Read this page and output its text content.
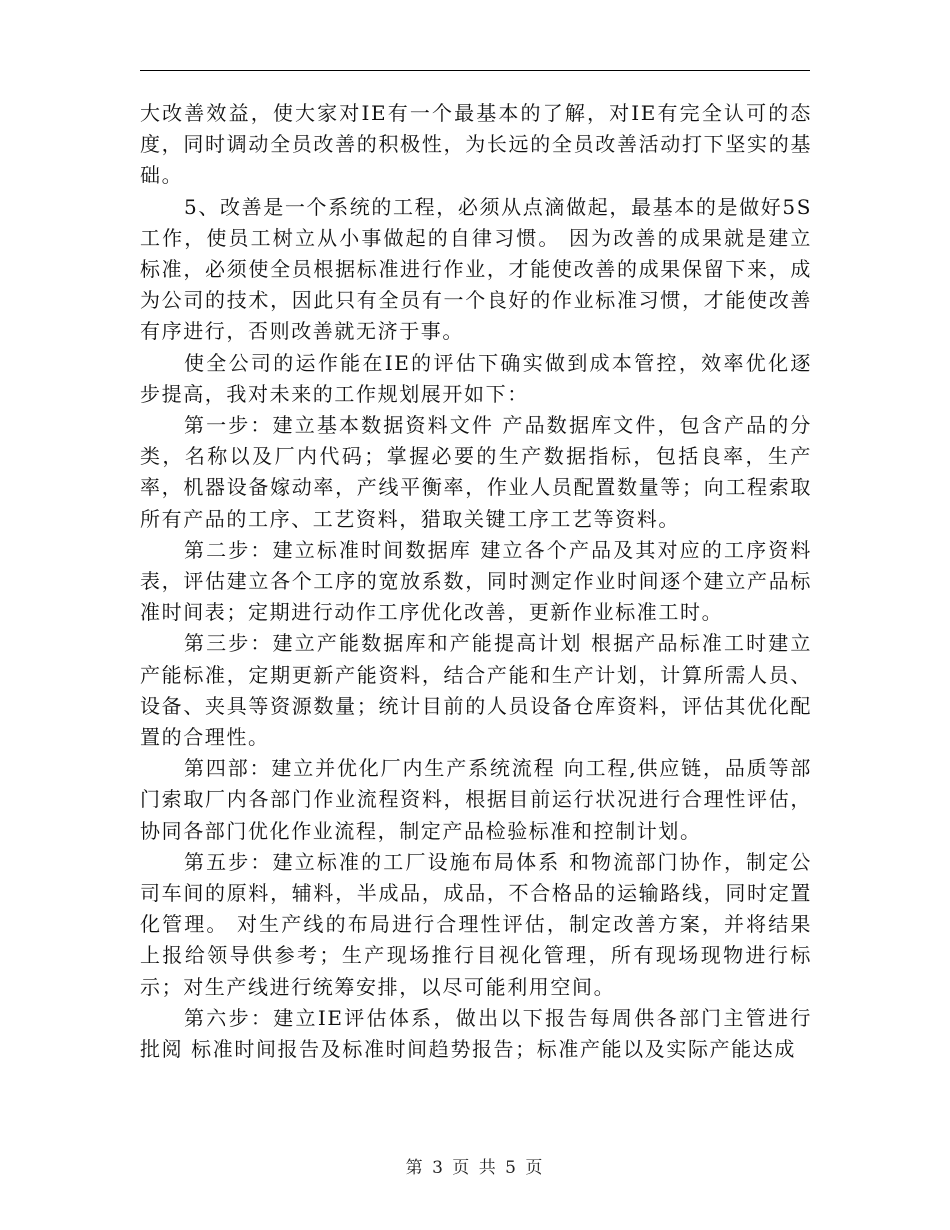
大改善效益，使大家对IE有一个最基本的了解，对IE有完全认可的态度，同时调动全员改善的积极性，为长远的全员改善活动打下坚实的基础。

5、改善是一个系统的工程，必须从点滴做起，最基本的是做好5S工作，使员工树立从小事做起的自律习惯。 因为改善的成果就是建立标准，必须使全员根据标准进行作业，才能使改善的成果保留下来，成为公司的技术，因此只有全员有一个良好的作业标准习惯，才能使改善有序进行，否则改善就无济于事。

使全公司的运作能在IE的评估下确实做到成本管控，效率优化逐步提高，我对未来的工作规划展开如下：

第一步：建立基本数据资料文件 产品数据库文件，包含产品的分类，名称以及厂内代码；掌握必要的生产数据指标，包括良率，生产率，机器设备嫁动率，产线平衡率，作业人员配置数量等；向工程索取所有产品的工序、工艺资料，猎取关键工序工艺等资料。

第二步：建立标准时间数据库 建立各个产品及其对应的工序资料表，评估建立各个工序的宽放系数，同时测定作业时间逐个建立产品标准时间表；定期进行动作工序优化改善，更新作业标准工时。

第三步：建立产能数据库和产能提高计划 根据产品标准工时建立产能标准，定期更新产能资料，结合产能和生产计划，计算所需人员、设备、夹具等资源数量；统计目前的人员设备仓库资料，评估其优化配置的合理性。

第四部：建立并优化厂内生产系统流程 向工程,供应链，品质等部门索取厂内各部门作业流程资料，根据目前运行状况进行合理性评估，协同各部门优化作业流程，制定产品检验标准和控制计划。

第五步：建立标准的工厂设施布局体系 和物流部门协作，制定公司车间的原料，辅料，半成品，成品，不合格品的运输路线，同时定置化管理。 对生产线的布局进行合理性评估，制定改善方案，并将结果上报给领导供参考；生产现场推行目视化管理，所有现场现物进行标示；对生产线进行统筹安排，以尽可能利用空间。

第六步：建立IE评估体系，做出以下报告每周供各部门主管进行批阅 标准时间报告及标准时间趋势报告；标准产能以及实际产能达成

第 3 页 共 5 页
